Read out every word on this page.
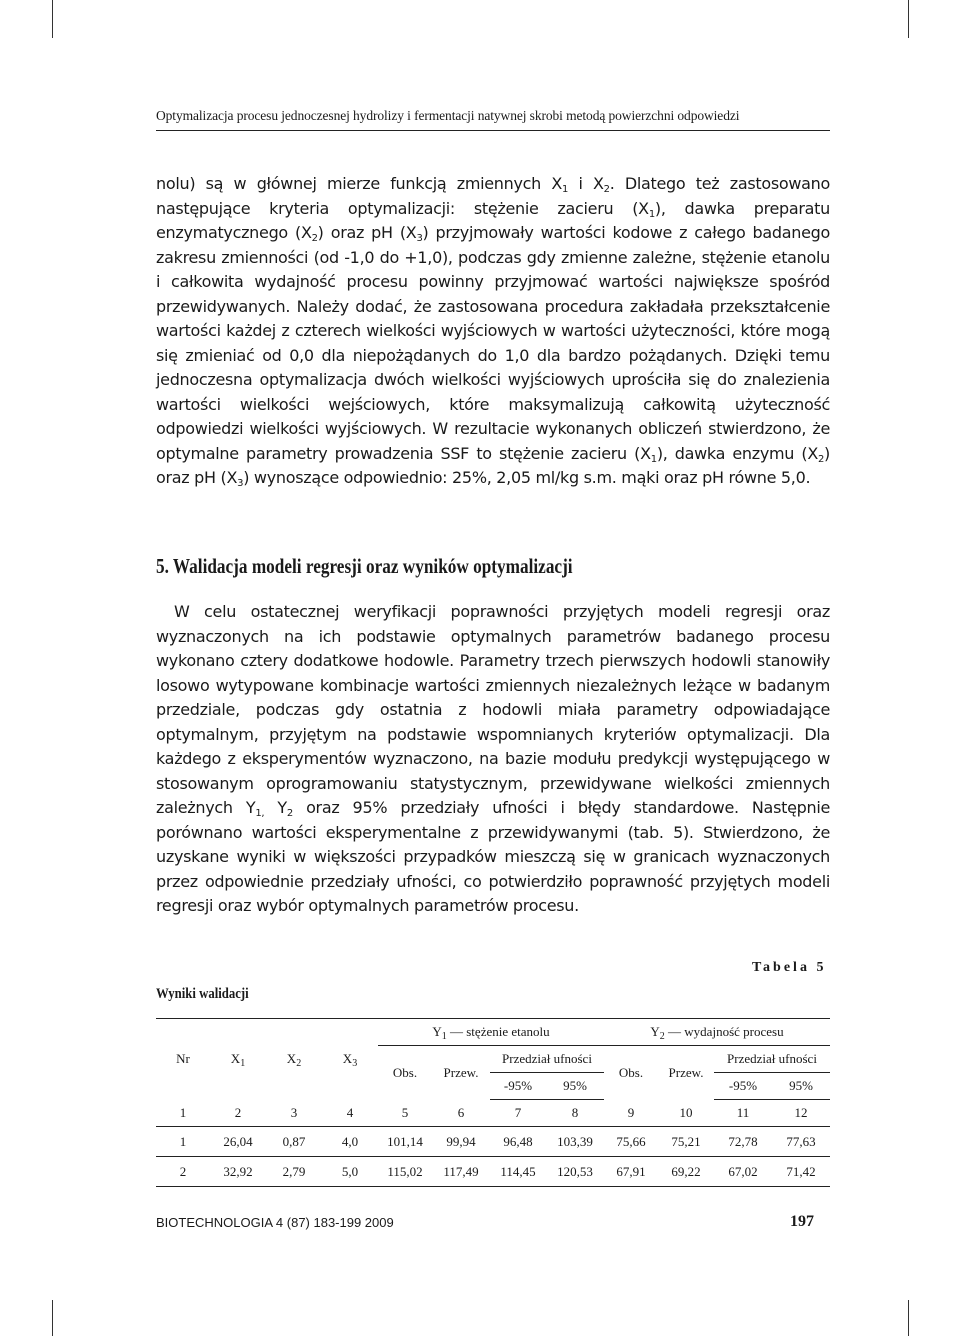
Optymalizacja procesu jednoczesnej hydrolizy i fermentacji natywnej skrobi metodą powierzchni odpowiedzi

nolu) są w głównej mierze funkcją zmiennych $X_1$ i $X_2$. Dlatego też zastosowano następujące kryteria optymalizacji: stężenie zacieru $(X_1)$, dawka preparatu enzymatycznego $(X_2)$ oraz pH $(X_3)$ przyjmowały wartości kodowe z całego badanego zakresu zmienności (od -1,0 do +1,0), podczas gdy zmienne zależne, stężenie etanolu i całkowita wydajność procesu powinny przyjmować wartości największe spośród przewidywanych. Należy dodać, że zastosowana procedura zakładała przekształcenie wartości każdej z czterech wielkości wyjściowych w wartości użyteczności, które mogą się zmieniać od 0,0 dla niepożądanych do 1,0 dla bardzo pożądanych. Dzięki temu jednoczesna optymalizacja dwóch wielkości wyjściowych uprościła się do znalezienia wartości wielkości wejściowych, które maksymalizują całkowitą użyteczność odpowiedzi wielkości wyjściowych. W rezultacie wykonanych obliczeń stwierdzono, że optymalne parametry prowadzenia SSF to stężenie zacieru $(X_1)$, dawka enzymu $(X_2)$ oraz pH $(X_3)$ wynoszące odpowiednio: 25%, 2,05 ml/kg s.m. mąki oraz pH równe 5,0.

5. Walidacja modeli regresji oraz wyników optymalizacji

W celu ostatecznej weryfikacji poprawności przyjętych modeli regresji oraz wyznaczonych na ich podstawie optymalnych parametrów badanego procesu wykonano cztery dodatkowe hodowle. Parametry trzech pierwszych hodowli stanowiły losowo wytypowane kombinacje wartości zmiennych niezależnych leżące w badanym przedziale, podczas gdy ostatnia z hodowli miała parametry odpowiadające optymalnym, przyjętym na podstawie wspomnianych kryteriów optymalizacji. Dla każdego z eksperymentów wyznaczono, na bazie modułu predykcji występującego w stosowanym oprogramowaniu statystycznym, przewidywane wielkości zmiennych zależnych $Y_{1,}$ $Y_2$ oraz 95% przedziały ufności i błędy standardowe. Następnie porównano wartości eksperymentalne z przewidywanymi (tab. 5). Stwierdzono, że uzyskane wyniki w większości przypadków mieszczą się w granicach wyznaczonych przez odpowiednie przedziały ufności, co potwierdziło poprawność przyjętych modeli regresji oraz wybór optymalnych parametrów procesu.

Tabela 5
Wyniki walidacji
Nr	$X_1$	$X_2$	$X_3$	$Y_1$ — stężenie etanolu				$Y_2$ — wydajność procesu			
				Obs.	Przew.	Przedział ufności		Obs.	Przew.	Przedział ufności	
						-95%	95%			-95%	95%
1	2	3	4	5	6	7	8	9	10	11	12
1	26,04	0,87	4,0	101,14	99,94	96,48	103,39	75,66	75,21	72,78	77,63
2	32,92	2,79	5,0	115,02	117,49	114,45	120,53	67,91	69,22	67,02	71,42
BIOTECHNOLOGIA 4 (87) 183-199 2009	197
